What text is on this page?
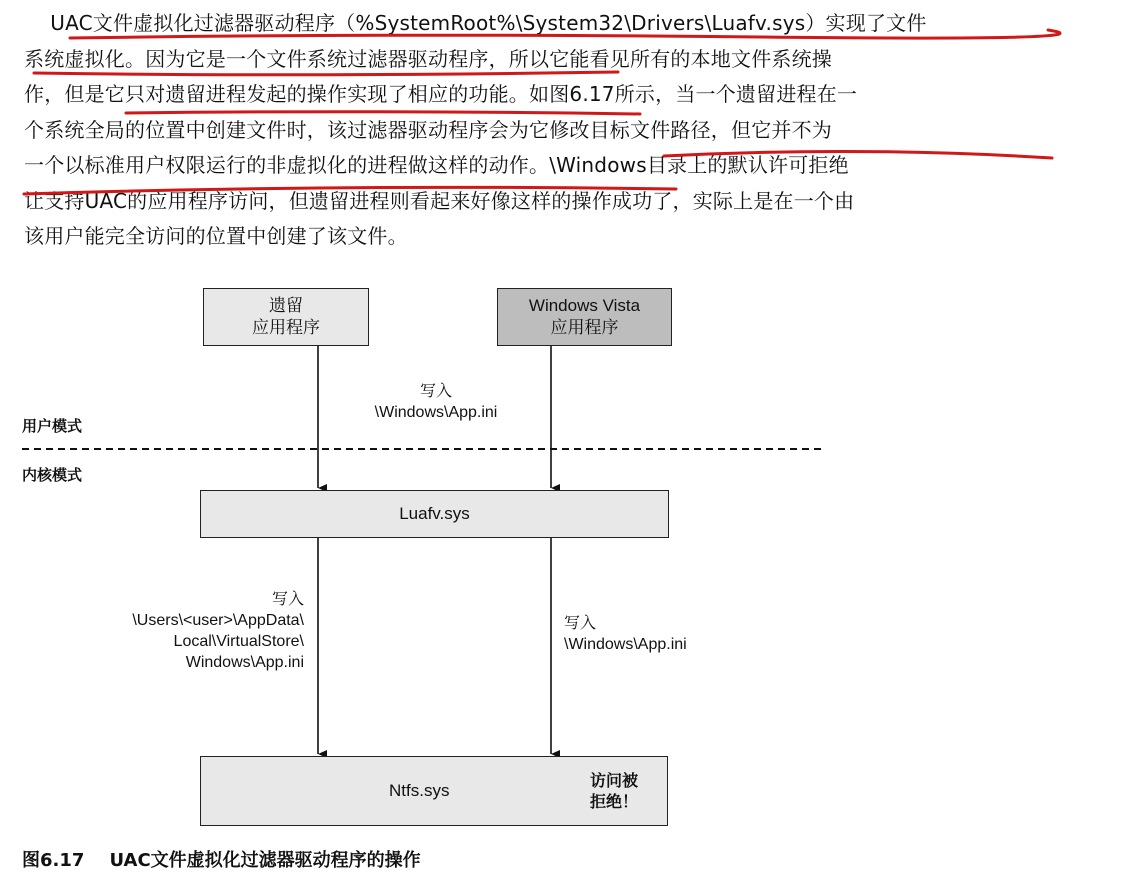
UAC文件虚拟化过滤器驱动程序（%SystemRoot%\System32\Drivers\Luafv.sys）实现了文件
系统虚拟化。因为它是一个文件系统过滤器驱动程序，所以它能看见所有的本地文件系统操
作，但是它只对遗留进程发起的操作实现了相应的功能。如图6.17所示，当一个遗留进程在一
个系统全局的位置中创建文件时，该过滤器驱动程序会为它修改目标文件路径，但它并不为
一个以标准用户权限运行的非虚拟化的进程做这样的动作。\Windows目录上的默认许可拒绝
让支持UAC的应用程序访问，但遗留进程则看起来好像这样的操作成功了，实际上是在一个由
该用户能完全访问的位置中创建了该文件。
遗留
应用程序
Windows Vista
应用程序
Luafv.sys
Ntfs.sys
写入
\Windows\App.ini
用户模式
内核模式
写入
\Users\<user>\AppData\
Local\VirtualStore\
Windows\App.ini
写入
\Windows\App.ini
访问被
拒绝！
图6.17    UAC文件虚拟化过滤器驱动程序的操作
